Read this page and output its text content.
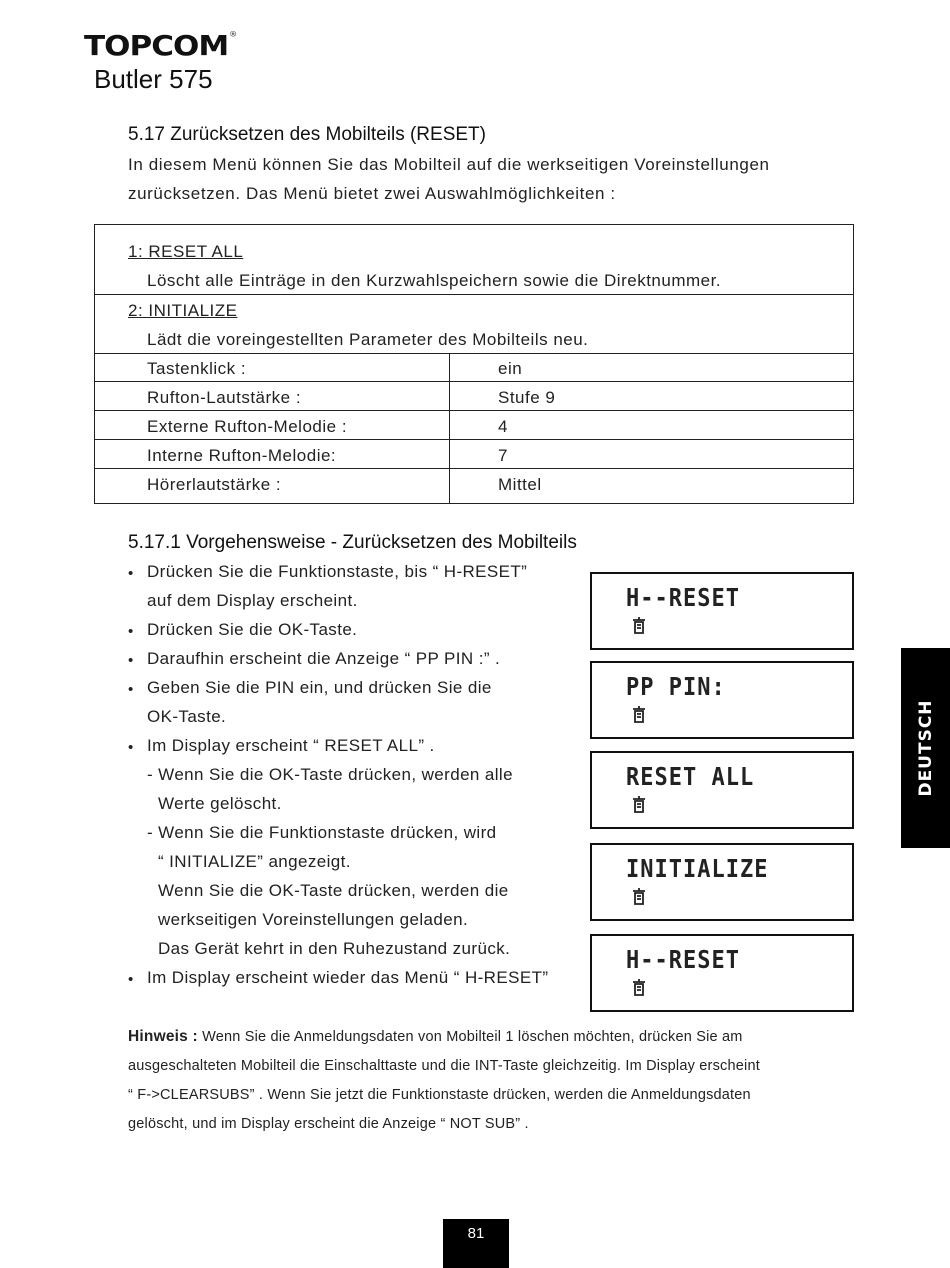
TOPCOM®
Butler 575
5.17 Zurücksetzen des Mobilteils (RESET)
In diesem Menü können Sie das Mobilteil auf die werkseitigen Voreinstellungen
zurücksetzen. Das Menü bietet zwei Auswahlmöglichkeiten :
1: RESET ALL
Löscht alle Einträge in den Kurzwahlspeichern sowie die Direktnummer.
2: INITIALIZE
Lädt die voreingestellten Parameter des Mobilteils neu.
Tastenklick :	ein
Rufton-Lautstärke :	Stufe 9
Externe Rufton-Melodie :	4
Interne Rufton-Melodie:	7
Hörerlautstärke :	Mittel
5.17.1 Vorgehensweise - Zurücksetzen des Mobilteils
• Drücken Sie die Funktionstaste, bis “ H-RESET”
auf dem Display erscheint.
• Drücken Sie die OK-Taste.
• Daraufhin erscheint die Anzeige “ PP PIN :” .
• Geben Sie die PIN ein, und drücken Sie die
OK-Taste.
• Im Display erscheint “ RESET ALL” .
- Wenn Sie die OK-Taste drücken, werden alle
Werte gelöscht.
- Wenn Sie die Funktionstaste drücken, wird
“ INITIALIZE” angezeigt.
Wenn Sie die OK-Taste drücken, werden die
werkseitigen Voreinstellungen geladen.
Das Gerät kehrt in den Ruhezustand zurück.
• Im Display erscheint wieder das Menü “ H-RESET”
H--RESET
PP PIN:
RESET ALL
INITIALIZE
H--RESET
Hinweis : Wenn Sie die Anmeldungsdaten von Mobilteil 1 löschen möchten, drücken Sie am
ausgeschalteten Mobilteil die Einschalttaste und die INT-Taste gleichzeitig. Im Display erscheint
“ F->CLEARSUBS” . Wenn Sie jetzt die Funktionstaste drücken, werden die Anmeldungsdaten
gelöscht, und im Display erscheint die Anzeige “ NOT SUB” .
DEUTSCH
81
